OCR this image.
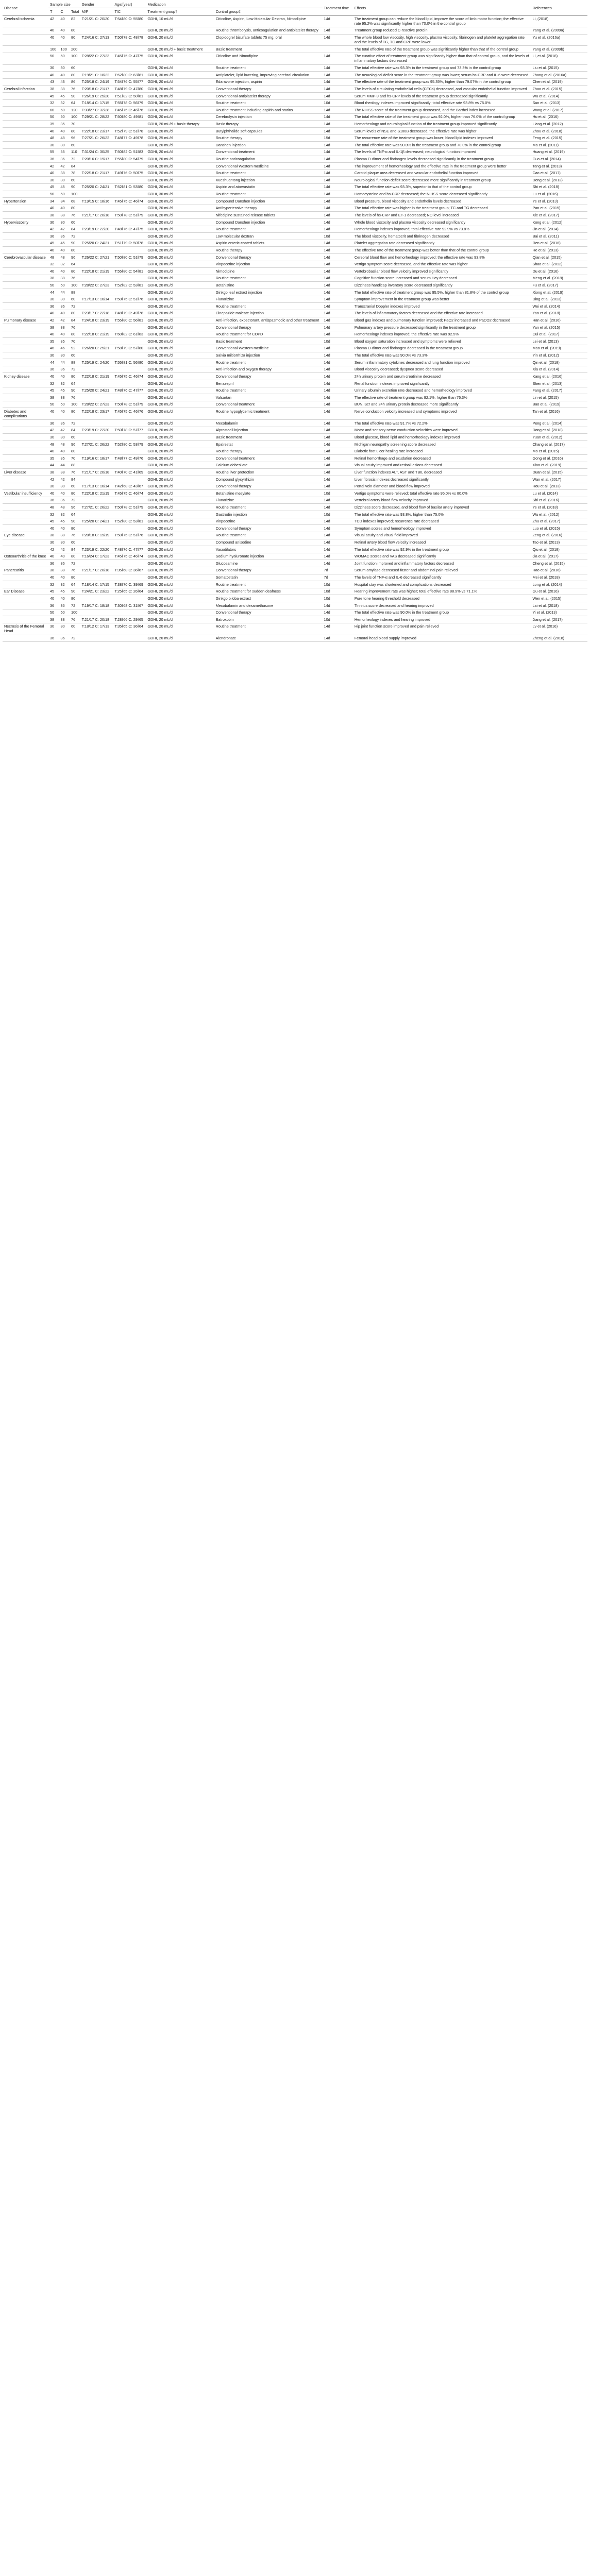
Disease	Sample size			Gender	Age/(year)	Medication		Treatment time	Effects	References
	T	C	Total	M/F	T/C	Treatment group†	Control group‡			
Cerebral ischemia	42	40	82	T:21/21 C: 20/20	T:54‖80 C: 55‖80	GDHI, 10 mL/d	Citicoline, Aspirin, Low Molecular Dextran, Nimodipine	14d	The treatment group can reduce the blood lipid, improve the score of limb motor function; the effective rate 95.2% was significantly higher than 70.0% in the control group	Li, (2018)
	40	40	80			GDHI, 20 mL/d	Routine thrombolysis, anticoagulation and antiplatelet therapy	14d	Treatment group reduced C-reactive protein	Yang et al. (2009a)
	40	40	80	T:24/16 C: 27/13	T:50‖78 C: 48‖78	GDHI, 20 mL/d	Clopidogrel bisulfate tablets 75 mg, oral	14d	The whole blood low viscosity, high viscosity, plasma viscosity, fibrinogen and platelet aggregation rate and the levels of TG, TC and CRP were lower	Yu et al. (2016a)
	100	100	200			GDHI, 20 mL/d + basic treatment	Basic treatment		The total effective rate of the treatment group was significantly higher than that of the control group	Yang et al. (2009b)
	50	50	100	T:28/22 C: 27/23	T:45‖75 C: 47‖75	GDHI, 20 mL/d	Citicoline and Nimodipine	14d	The curative effect of treatment group was significantly higher than that of control group, and the levels of inflammatory factors decreased	Li, et al. (2018)
	30	30	60			GDHI, 20 mL/d	Routine treatment	14d	The total effective rate was 93.3% in the treatment group and 73.3% in the control group	Liu et al. (2015)
	40	40	80	T:19/21 C: 18/22	T:62‖80 C: 63‖81	GDHI, 30 mL/d	Antiplatelet, lipid lowering, improving cerebral circulation	14d	The neurological deficit score in the treatment group was lower; serum hs-CRP and IL-6 were decreased	Zhang et al. (2016a)
	43	43	86	T:25/18 C: 24/19	T:54‖76 C: 55‖77	GDHI, 20 mL/d	Edaravone injection, aspirin	14d	The effective rate of the treatment group was 95.35%, higher than 79.07% in the control group	Chen et al. (2019)
Cerebral infarction	38	38	76	T:20/18 C: 21/17	T:48‖79 C: 47‖80	GDHI, 20 mL/d	Conventional therapy	14d	The levels of circulating endothelial cells (CECs) decreased, and vascular endothelial function improved	Zhao et al. (2015)
	45	45	90	T:26/19 C: 25/20	T:51‖82 C: 50‖81	GDHI, 20 mL/d	Conventional antiplatelet therapy	14d	Serum MMP-9 and hs-CRP levels of the treatment group decreased significantly	Wu et al. (2014)
	32	32	64	T:18/14 C: 17/15	T:55‖78 C: 56‖79	GDHI, 30 mL/d	Routine treatment	10d	Blood rheology indexes improved significantly; total effective rate 93.8% vs 75.0%	Sun et al. (2013)
	60	60	120	T:33/27 C: 32/28	T:45‖75 C: 46‖76	GDHI, 20 mL/d	Routine treatment including aspirin and statins	14d	The NIHSS score of the treatment group decreased, and the Barthel index increased	Wang et al. (2017)
	50	50	100	T:29/21 C: 28/22	T:50‖80 C: 49‖81	GDHI, 20 mL/d	Cerebrolysin injection	14d	The total effective rate of the treatment group was 92.0%, higher than 76.0% of the control group	Hu et al. (2016)
	35	35	70			GDHI, 20 mL/d + basic therapy	Basic therapy	14d	Hemorheology and neurological function of the treatment group improved significantly	Liang et al. (2012)
	40	40	80	T:22/18 C: 23/17	T:52‖79 C: 51‖78	GDHI, 20 mL/d	Butylphthalide soft capsules	14d	Serum levels of NSE and S100B decreased; the effective rate was higher	Zhou et al. (2018)
	48	48	96	T:27/21 C: 26/22	T:48‖77 C: 49‖78	GDHI, 25 mL/d	Routine therapy	15d	The recurrence rate of the treatment group was lower; blood lipid indexes improved	Feng et al. (2015)
	30	30	60			GDHI, 20 mL/d	Danshen injection	14d	The total effective rate was 90.0% in the treatment group and 70.0% in the control group	Ma et al. (2011)
	55	55	110	T:31/24 C: 30/25	T:50‖82 C: 51‖83	GDHI, 20 mL/d	Conventional treatment	14d	The levels of TNF-α and IL-1β decreased; neurological function improved	Huang et al. (2019)
	36	36	72	T:20/16 C: 19/17	T:55‖80 C: 54‖79	GDHI, 20 mL/d	Routine anticoagulation	14d	Plasma D-dimer and fibrinogen levels decreased significantly in the treatment group	Guo et al. (2014)
	42	42	84			GDHI, 20 mL/d	Conventional Western medicine	14d	The improvement of hemorheology and the effective rate in the treatment group were better	Tang et al. (2013)
	40	38	78	T:22/18 C: 21/17	T:49‖76 C: 50‖75	GDHI, 20 mL/d	Routine treatment	14d	Carotid plaque area decreased and vascular endothelial function improved	Cao et al. (2017)
	30	30	60			GDHI, 20 mL/d	Xueshuantong injection	14d	Neurological function deficit score decreased more significantly in treatment group	Deng et al. (2012)
	45	45	90	T:25/20 C: 24/21	T:52‖81 C: 53‖80	GDHI, 20 mL/d	Aspirin and atorvastatin	14d	The total effective rate was 93.3%, superior to that of the control group	Shi et al. (2018)
	50	50	100			GDHI, 30 mL/d	Routine treatment	14d	Homocysteine and hs-CRP decreased; the NIHSS score decreased significantly	Lu et al. (2016)
Hypertension	34	34	68	T:19/15 C: 18/16	T:45‖75 C: 46‖74	GDHI, 20 mL/d	Compound Danshen injection	14d	Blood pressure, blood viscosity and endothelin levels decreased	Ye et al. (2013)
	40	40	80			GDHI, 20 mL/d	Antihypertensive therapy	14d	The total effective rate was higher in the treatment group; TC and TG decreased	Pan et al. (2015)
	38	38	76	T:21/17 C: 20/18	T:50‖78 C: 51‖79	GDHI, 20 mL/d	Nifedipine sustained release tablets	14d	The levels of hs-CRP and ET-1 decreased; NO level increased	Xie et al. (2017)
Hyperviscosity	30	30	60			GDHI, 20 mL/d	Compound Danshen injection	14d	Whole blood viscosity and plasma viscosity decreased significantly	Kong et al. (2012)
	42	42	84	T:23/19 C: 22/20	T:48‖76 C: 47‖75	GDHI, 20 mL/d	Routine treatment	14d	Hemorheology indexes improved; total effective rate 92.9% vs 73.8%	Jin et al. (2014)
	36	36	72			GDHI, 20 mL/d	Low molecular dextran	10d	The blood viscosity, hematocrit and fibrinogen decreased	Bai et al. (2011)
	45	45	90	T:25/20 C: 24/21	T:51‖79 C: 50‖78	GDHI, 25 mL/d	Aspirin enteric-coated tablets	14d	Platelet aggregation rate decreased significantly	Ren et al. (2016)
	40	40	80			GDHI, 20 mL/d	Routine therapy	14d	The effective rate of the treatment group was better than that of the control group	He et al. (2013)
Cerebrovascular disease	48	48	96	T:26/22 C: 27/21	T:50‖80 C: 51‖79	GDHI, 20 mL/d	Conventional therapy	14d	Cerebral blood flow and hemorheology improved; the effective rate was 93.8%	Qian et al. (2015)
	32	32	64			GDHI, 20 mL/d	Vinpocetine injection	14d	Vertigo symptom score decreased, and the effective rate was higher	Shao et al. (2012)
	40	40	80	T:22/18 C: 21/19	T:55‖80 C: 54‖81	GDHI, 20 mL/d	Nimodipine	14d	Vertebrobasilar blood flow velocity improved significantly	Du et al. (2016)
	38	38	76			GDHI, 20 mL/d	Routine treatment	14d	Cognitive function score increased and serum Hcy decreased	Meng et al. (2018)
	50	50	100	T:28/22 C: 27/23	T:52‖82 C: 53‖81	GDHI, 20 mL/d	Betahistine	14d	Dizziness handicap inventory score decreased significantly	Fu et al. (2017)
	44	44	88			GDHI, 20 mL/d	Ginkgo leaf extract injection	14d	The total effective rate of treatment group was 95.5%, higher than 81.8% of the control group	Xiong et al. (2019)
	30	30	60	T:17/13 C: 16/14	T:50‖75 C: 51‖76	GDHI, 20 mL/d	Flunarizine	14d	Symptom improvement in the treatment group was better	Ding et al. (2013)
	36	36	72			GDHI, 20 mL/d	Routine treatment	14d	Transcranial Doppler indexes improved	Wei et al. (2014)
	40	40	80	T:23/17 C: 22/18	T:48‖79 C: 49‖78	GDHI, 20 mL/d	Cinepazide maleate injection	14d	The levels of inflammatory factors decreased and the effective rate increased	Yao et al. (2018)
Pulmonary disease	42	42	84	T:24/18 C: 23/19	T:55‖80 C: 56‖81	GDHI, 20 mL/d	Anti-infection, expectorant, antispasmodic and other treatment	14d	Blood gas indexes and pulmonary function improved; PaO2 increased and PaCO2 decreased	Han et al. (2016)
	38	38	76			GDHI, 20 mL/d	Conventional therapy	14d	Pulmonary artery pressure decreased significantly in the treatment group	Yan et al. (2015)
	40	40	80	T:22/18 C: 21/19	T:60‖82 C: 61‖83	GDHI, 20 mL/d	Routine treatment for COPD	14d	Hemorheology indexes improved; the effective rate was 92.5%	Cui et al. (2017)
	35	35	70			GDHI, 20 mL/d	Basic treatment	10d	Blood oxygen saturation increased and symptoms were relieved	Lei et al. (2013)
	46	46	92	T:26/20 C: 25/21	T:58‖79 C: 57‖80	GDHI, 20 mL/d	Conventional Western medicine	14d	Plasma D-dimer and fibrinogen decreased in the treatment group	Mao et al. (2019)
	30	30	60			GDHI, 20 mL/d	Salvia miltiorrhiza injection	14d	The total effective rate was 90.0% vs 73.3%	Yin et al. (2012)
	44	44	88	T:25/19 C: 24/20	T:55‖81 C: 56‖80	GDHI, 20 mL/d	Routine treatment	14d	Serum inflammatory cytokines decreased and lung function improved	Qin et al. (2018)
	36	36	72			GDHI, 20 mL/d	Anti-infection and oxygen therapy	14d	Blood viscosity decreased; dyspnea score decreased	Xia et al. (2014)
Kidney disease	40	40	80	T:22/18 C: 21/19	T:45‖75 C: 46‖74	GDHI, 20 mL/d	Conventional therapy	14d	24h urinary protein and serum creatinine decreased	Kang et al. (2016)
	32	32	64			GDHI, 20 mL/d	Benazepril	14d	Renal function indexes improved significantly	Shen et al. (2013)
	45	45	90	T:25/20 C: 24/21	T:48‖76 C: 47‖77	GDHI, 20 mL/d	Routine treatment	14d	Urinary albumin excretion rate decreased and hemorheology improved	Fang et al. (2017)
	38	38	76			GDHI, 20 mL/d	Valsartan	14d	The effective rate of treatment group was 92.1%, higher than 76.3%	Lin et al. (2015)
	50	50	100	T:28/22 C: 27/23	T:50‖78 C: 51‖79	GDHI, 20 mL/d	Conventional treatment	14d	BUN, Scr and 24h urinary protein decreased more significantly	Bao et al. (2019)
Diabetes and complications	40	40	80	T:22/18 C: 23/17	T:45‖75 C: 46‖76	GDHI, 20 mL/d	Routine hypoglycemic treatment	14d	Nerve conduction velocity increased and symptoms improved	Tan et al. (2016)
	36	36	72			GDHI, 20 mL/d	Mecobalamin	14d	The total effective rate was 91.7% vs 72.2%	Peng et al. (2014)
	42	42	84	T:23/19 C: 22/20	T:50‖78 C: 51‖77	GDHI, 20 mL/d	Alprostadil injection	14d	Motor and sensory nerve conduction velocities were improved	Dong et al. (2018)
	30	30	60			GDHI, 20 mL/d	Basic treatment	14d	Blood glucose, blood lipid and hemorheology indexes improved	Yuan et al. (2012)
	48	48	96	T:27/21 C: 26/22	T:52‖80 C: 53‖79	GDHI, 20 mL/d	Epalrestat	14d	Michigan neuropathy screening score decreased	Chang et al. (2017)
	40	40	80			GDHI, 20 mL/d	Routine therapy	14d	Diabetic foot ulcer healing rate increased	Mo et al. (2015)
	35	35	70	T:19/16 C: 18/17	T:48‖77 C: 49‖76	GDHI, 20 mL/d	Conventional treatment	14d	Retinal hemorrhage and exudation decreased	Gong et al. (2016)
	44	44	88			GDHI, 20 mL/d	Calcium dobesilate	14d	Visual acuity improved and retinal lesions decreased	Xiao et al. (2019)
Liver disease	38	38	76	T:21/17 C: 20/18	T:40‖70 C: 41‖69	GDHI, 20 mL/d	Routine liver protection	14d	Liver function indexes ALT, AST and TBIL decreased	Duan et al. (2015)
	42	42	84			GDHI, 20 mL/d	Compound glycyrrhizin	14d	Liver fibrosis indexes decreased significantly	Wan et al. (2017)
	30	30	60	T:17/13 C: 16/14	T:42‖68 C: 43‖67	GDHI, 20 mL/d	Conventional therapy	14d	Portal vein diameter and blood flow improved	Hou et al. (2013)
Vestibular insufficiency	40	40	80	T:22/18 C: 21/19	T:45‖75 C: 46‖74	GDHI, 20 mL/d	Betahistine mesylate	10d	Vertigo symptoms were relieved; total effective rate 95.0% vs 80.0%	Lu et al. (2014)
	36	36	72			GDHI, 20 mL/d	Flunarizine	14d	Vertebral artery blood flow velocity improved	Shi et al. (2016)
	48	48	96	T:27/21 C: 26/22	T:50‖78 C: 51‖79	GDHI, 20 mL/d	Routine treatment	14d	Dizziness score decreased, and blood flow of basilar artery improved	Ye et al. (2018)
	32	32	64			GDHI, 20 mL/d	Gastrodin injection	10d	The total effective rate was 93.8%, higher than 75.0%	Wu et al. (2012)
	45	45	90	T:25/20 C: 24/21	T:52‖80 C: 53‖81	GDHI, 20 mL/d	Vinpocetine	14d	TCD indexes improved; recurrence rate decreased	Zhu et al. (2017)
	40	40	80			GDHI, 20 mL/d	Conventional therapy	14d	Symptom scores and hemorheology improved	Luo et al. (2015)
Eye disease	38	38	76	T:20/18 C: 19/19	T:50‖75 C: 51‖76	GDHI, 20 mL/d	Routine treatment	14d	Visual acuity and visual field improved	Zeng et al. (2016)
	30	30	60			GDHI, 20 mL/d	Compound anisodine	14d	Retinal artery blood flow velocity increased	Tao et al. (2013)
	42	42	84	T:23/19 C: 22/20	T:48‖76 C: 47‖77	GDHI, 20 mL/d	Vasodilators	14d	The total effective rate was 92.9% in the treatment group	Qiu et al. (2018)
Osteoarthritis of the knee	40	40	80	T:16/24 C: 17/23	T:45‖75 C: 46‖74	GDHI, 20 mL/d	Sodium hyaluronate injection	14d	WOMAC scores and VAS decreased significantly	Jia et al. (2017)
	36	36	72			GDHI, 20 mL/d	Glucosamine	14d	Joint function improved and inflammatory factors decreased	Cheng et al. (2015)
Pancreatitis	38	38	76	T:21/17 C: 20/18	T:35‖68 C: 36‖67	GDHI, 20 mL/d	Conventional therapy	7d	Serum amylase decreased faster and abdominal pain relieved	Hao et al. (2016)
	40	40	80			GDHI, 20 mL/d	Somatostatin	7d	The levels of TNF-α and IL-6 decreased significantly	Mei et al. (2018)
	32	32	64	T:18/14 C: 17/15	T:38‖70 C: 39‖69	GDHI, 20 mL/d	Routine treatment	10d	Hospital stay was shortened and complications decreased	Long et al. (2014)
Ear Disease	45	45	90	T:24/21 C: 23/22	T:25‖65 C: 26‖64	GDHI, 20 mL/d	Routine treatment for sudden deafness	10d	Hearing improvement rate was higher; total effective rate 88.9% vs 71.1%	Gu et al. (2016)
	40	40	80			GDHI, 20 mL/d	Ginkgo biloba extract	10d	Pure tone hearing threshold decreased	Wen et al. (2015)
	36	36	72	T:19/17 C: 18/18	T:30‖68 C: 31‖67	GDHI, 20 mL/d	Mecobalamin and dexamethasone	14d	Tinnitus score decreased and hearing improved	Lai et al. (2018)
	50	50	100			GDHI, 20 mL/d	Conventional therapy	14d	The total effective rate was 90.0% in the treatment group	Yi et al. (2013)
	38	38	76	T:21/17 C: 20/18	T:28‖66 C: 29‖65	GDHI, 20 mL/d	Batroxobin	10d	Hemorheology indexes and hearing improved	Jiang et al. (2017)
Necrosis of the Femoral Head	30	30	60	T:18/12 C: 17/13	T:35‖65 C: 36‖64	GDHI, 20 mL/d	Routine treatment	14d	Hip joint function score improved and pain relieved	Lv et al. (2016)
	36	36	72			GDHI, 20 mL/d	Alendronate	14d	Femoral head blood supply improved	Zheng et al. (2018)
